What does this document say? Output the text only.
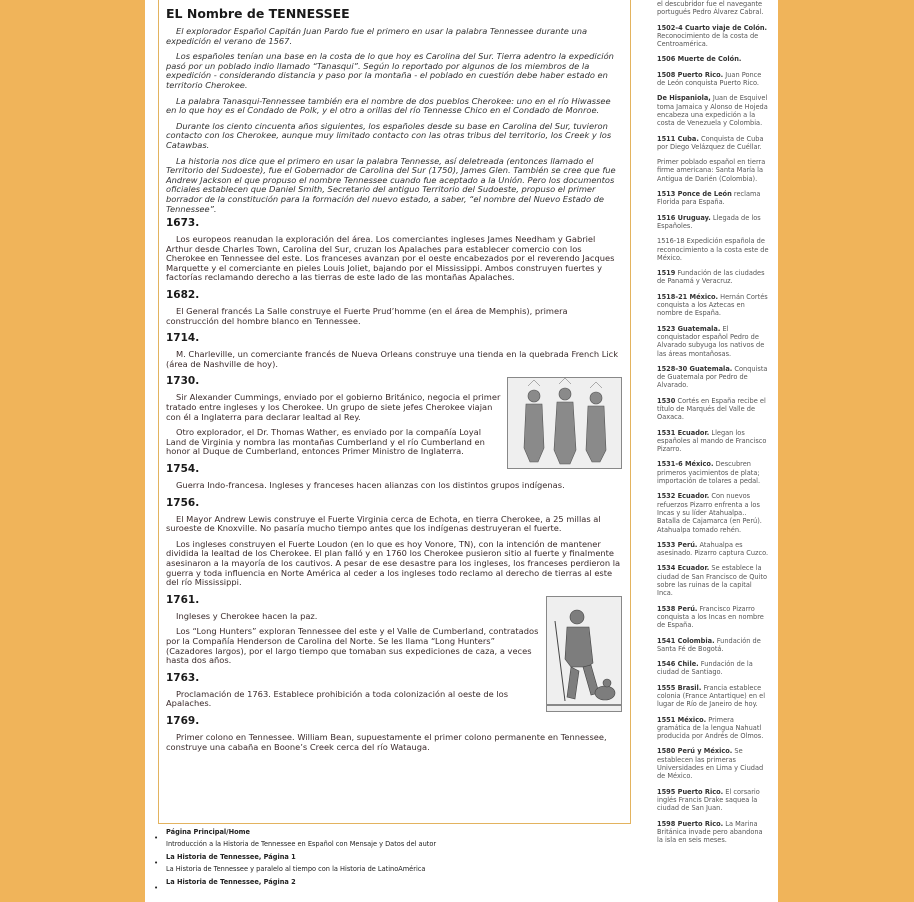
EL Nombre de TENNESSEE

El explorador Español Capitán Juan Pardo fue el primero en usar la palabra Tennessee durante una expedición el verano de 1567.

Los españoles tenían una base en la costa de lo que hoy es Carolina del Sur. Tierra adentro la expedición pasó por un poblado indio llamado “Tanasqui”. Según lo reportado por algunos de los miembros de la expedición - considerando distancia y paso por la montaña - el poblado en cuestión debe haber estado en territorio Cherokee.

La palabra Tanasqui-Tennessee también era el nombre de dos pueblos Cherokee: uno en el río Hiwassee en lo que hoy es el Condado de Polk, y el otro a orillas del río Tennesse Chico en el Condado de Monroe.

Durante los ciento cincuenta años siguientes, los españoles desde su base en Carolina del Sur, tuvieron contacto con los Cherokee, aunque muy limitado contacto con las otras tribus del territorio, los Creek y los Catawbas.

La historia nos dice que el primero en usar la palabra Tennesse, así deletreada (entonces llamado el Territorio del Sudoeste), fue el Gobernador de Carolina del Sur (1750), James Glen. También se cree que fue Andrew Jackson el que propuso el nombre Tennessee cuando fue aceptado a la Unión. Pero los documentos oficiales establecen que Daniel Smith, Secretario del antiguo Territorio del Sudoeste, propuso el primer borrador de la constitución para la formación del nuevo estado, a saber, “el nombre del Nuevo Estado de Tennessee”.

1673.

Los europeos reanudan la exploración del área. Los comerciantes ingleses James Needham y Gabriel Arthur desde Charles Town, Carolina del Sur, cruzan los Apalaches para establecer comercio con los Cherokee en Tennessee del este. Los franceses avanzan por el oeste encabezados por el reverendo Jacques Marquette y el comerciante en pieles Louis Joliet, bajando por el Mississippi. Ambos construyen fuertes y factorías reclamando derecho a las tierras de este lado de las montañas Apalaches.

1682.

El General francés La Salle construye el Fuerte Prud’homme (en el área de Memphis), primera construcción del hombre blanco en Tennessee.

1714.

M. Charleville, un comerciante francés de Nueva Orleans construye una tienda en la quebrada French Lick (área de Nashville de hoy).

1730.

Sir Alexander Cummings, enviado por el gobierno Británico, negocia el primer tratado entre ingleses y los Cherokee. Un grupo de siete jefes Cherokee viajan con él a Inglaterra para declarar lealtad al Rey.

Otro explorador, el Dr. Thomas Wather, es enviado por la compañía Loyal Land de Virginia y nombra las montañas Cumberland y el río Cumberland en honor al Duque de Cumberland, entonces Primer Ministro de Inglaterra.

1754.

Guerra Indo-francesa. Ingleses y franceses hacen alianzas con los distintos grupos indígenas.

1756.

El Mayor Andrew Lewis construye el Fuerte Virginia cerca de Echota, en tierra Cherokee, a 25 millas al suroeste de Knoxville. No pasaría mucho tiempo antes que los indígenas destruyeran el fuerte.

Los ingleses construyen el Fuerte Loudon (en lo que es hoy Vonore, TN), con la intención de mantener dividida la lealtad de los Cherokee. El plan falló y en 1760 los Cherokee pusieron sitio al fuerte y finalmente asesinaron a la mayoría de los cautivos. A pesar de ese desastre para los ingleses, los franceses perdieron la guerra y toda influencia en Norte América al ceder a los ingleses todo reclamo al derecho de tierras al este del río Mississippi.

1761.

Ingleses y Cherokee hacen la paz.

Los “Long Hunters” exploran Tennessee del este y el Valle de Cumberland, contratados por la Compañía Henderson de Carolina del Norte. Se les llama “Long Hunters” (Cazadores largos), por el largo tiempo que tomaban sus expediciones de caza, a veces hasta dos años.

1763.

Proclamación de 1763. Establece prohibición a toda colonización al oeste de los Apalaches.

1769.

Primer colono en Tennessee. William Bean, supuestamente el primer colono permanente en Tennessee, construye una cabaña en Boone’s Creek cerca del río Watauga.

el descubridor fue el navegante portugués Pedro Álvarez Cabral.
1502-4 Cuarto viaje de Colón. Reconocimiento de la costa de Centroamérica.
1506 Muerte de Colón.
1508 Puerto Rico. Juan Ponce de León conquista Puerto Rico.
De Hispaniola, Juan de Esquivel toma Jamaica y Alonso de Hojeda encabeza una expedición a la costa de Venezuela y Colombia.
1511 Cuba. Conquista de Cuba por Diego Velázquez de Cuéllar.
Primer poblado español en tierra firme americana: Santa María la Antigua de Darién (Colombia).
1513 Ponce de León reclama Florida para España.
1516 Uruguay. Llegada de los Españoles.
1516-18 Expedición española de reconocimiento a la costa este de México.
1519 Fundación de las ciudades de Panamá y Veracruz.
1518-21 México. Hernán Cortés conquista a los Aztecas en nombre de España.
1523 Guatemala. El conquistador español Pedro de Alvarado subyuga los nativos de las áreas montañosas.
1528-30 Guatemala. Conquista de Guatemala por Pedro de Alvarado.
1530 Cortés en España recibe el título de Marqués del Valle de Oaxaca.
1531 Ecuador. Llegan los españoles al mando de Francisco Pizarro.
1531-6 México. Descubren primeros yacimientos de plata; importación de tolares a pedal.
1532 Ecuador. Con nuevos refuerzos Pizarro enfrenta a los Incas y su líder Atahualpa.. Batalla de Cajamarca (en Perú). Atahualpa tomado rehén.
1533 Perú. Atahualpa es asesinado. Pizarro captura Cuzco.
1534 Ecuador. Se establece la ciudad de San Francisco de Quito sobre las ruinas de la capital Inca.
1538 Perú. Francisco Pizarro conquista a los Incas en nombre de España.
1541 Colombia. Fundación de Santa Fé de Bogotá.
1546 Chile. Fundación de la ciudad de Santiago.
1555 Brasil. Francia establece colonia (France Antartique) en el lugar de Río de Janeiro de hoy.
1551 México. Primera gramática de la lengua Nahuatl producida por Andrés de Olmos.
1580 Perú y México. Se establecen las primeras Universidades en Lima y Ciudad de México.
1595 Puerto Rico. El corsario inglés Francis Drake saquea la ciudad de San Juan.
1598 Puerto Rico. La Marina Británica invade pero abandona la isla en seis meses.
•
Página Principal/Home
Introducción a la Historia de Tennessee en Español con Mensaje y Datos del autor
•
La Historia de Tennessee, Página 1
La Historia de Tennessee y paralelo al tiempo con la Historia de LatinoAmérica
•
La Historia de Tennessee, Página 2
